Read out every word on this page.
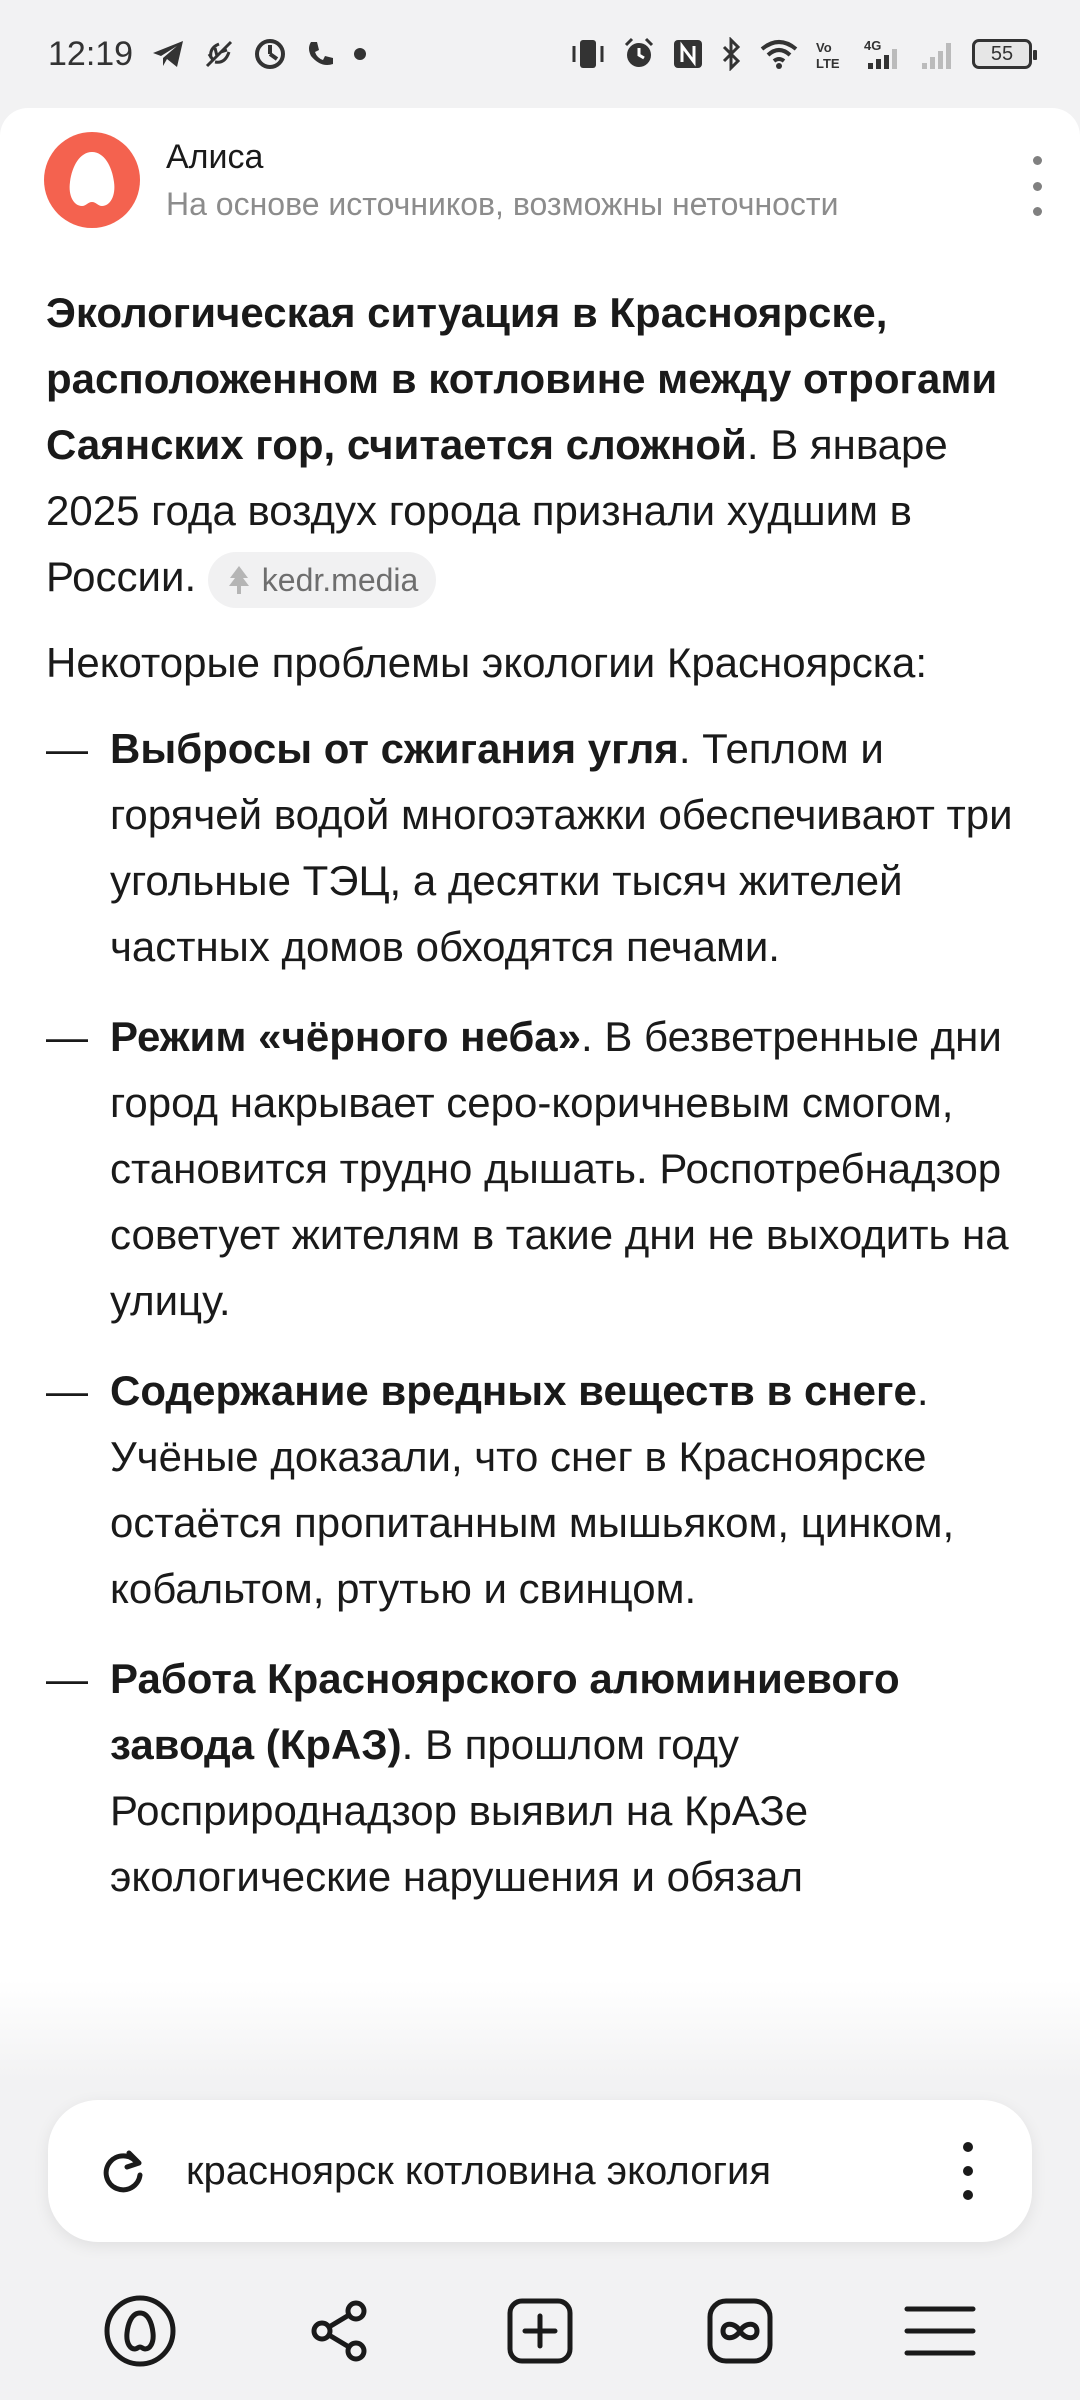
12:19	Vo
LTE
4G	55
Алиса
На основе источников, возможны неточности

Экологическая ситуация в Красноярске, расположенном в котловине между отрогами Саянских гор, считается сложной. В январе 2025 года воздух города признали худшим в России. kedr.media

Некоторые проблемы экологии Красноярска:

— Выбросы от сжигания угля. Теплом и горячей водой многоэтажки обеспечивают три угольные ТЭЦ, а десятки тысяч жителей частных домов обходятся печами.
— Режим «чёрного неба». В безветренные дни город накрывает серо-коричневым смогом, становится трудно дышать. Роспотребнадзор советует жителям в такие дни не выходить на улицу.
— Содержание вредных веществ в снеге. Учёные доказали, что снег в Красноярске остаётся пропитанным мышьяком, цинком, кобальтом, ртутью и свинцом.
— Работа Красноярского алюминиевого завода (КрАЗ). В прошлом году Росприроднадзор выявил на КрАЗе экологические нарушения и обязал
красноярск котловина экология
